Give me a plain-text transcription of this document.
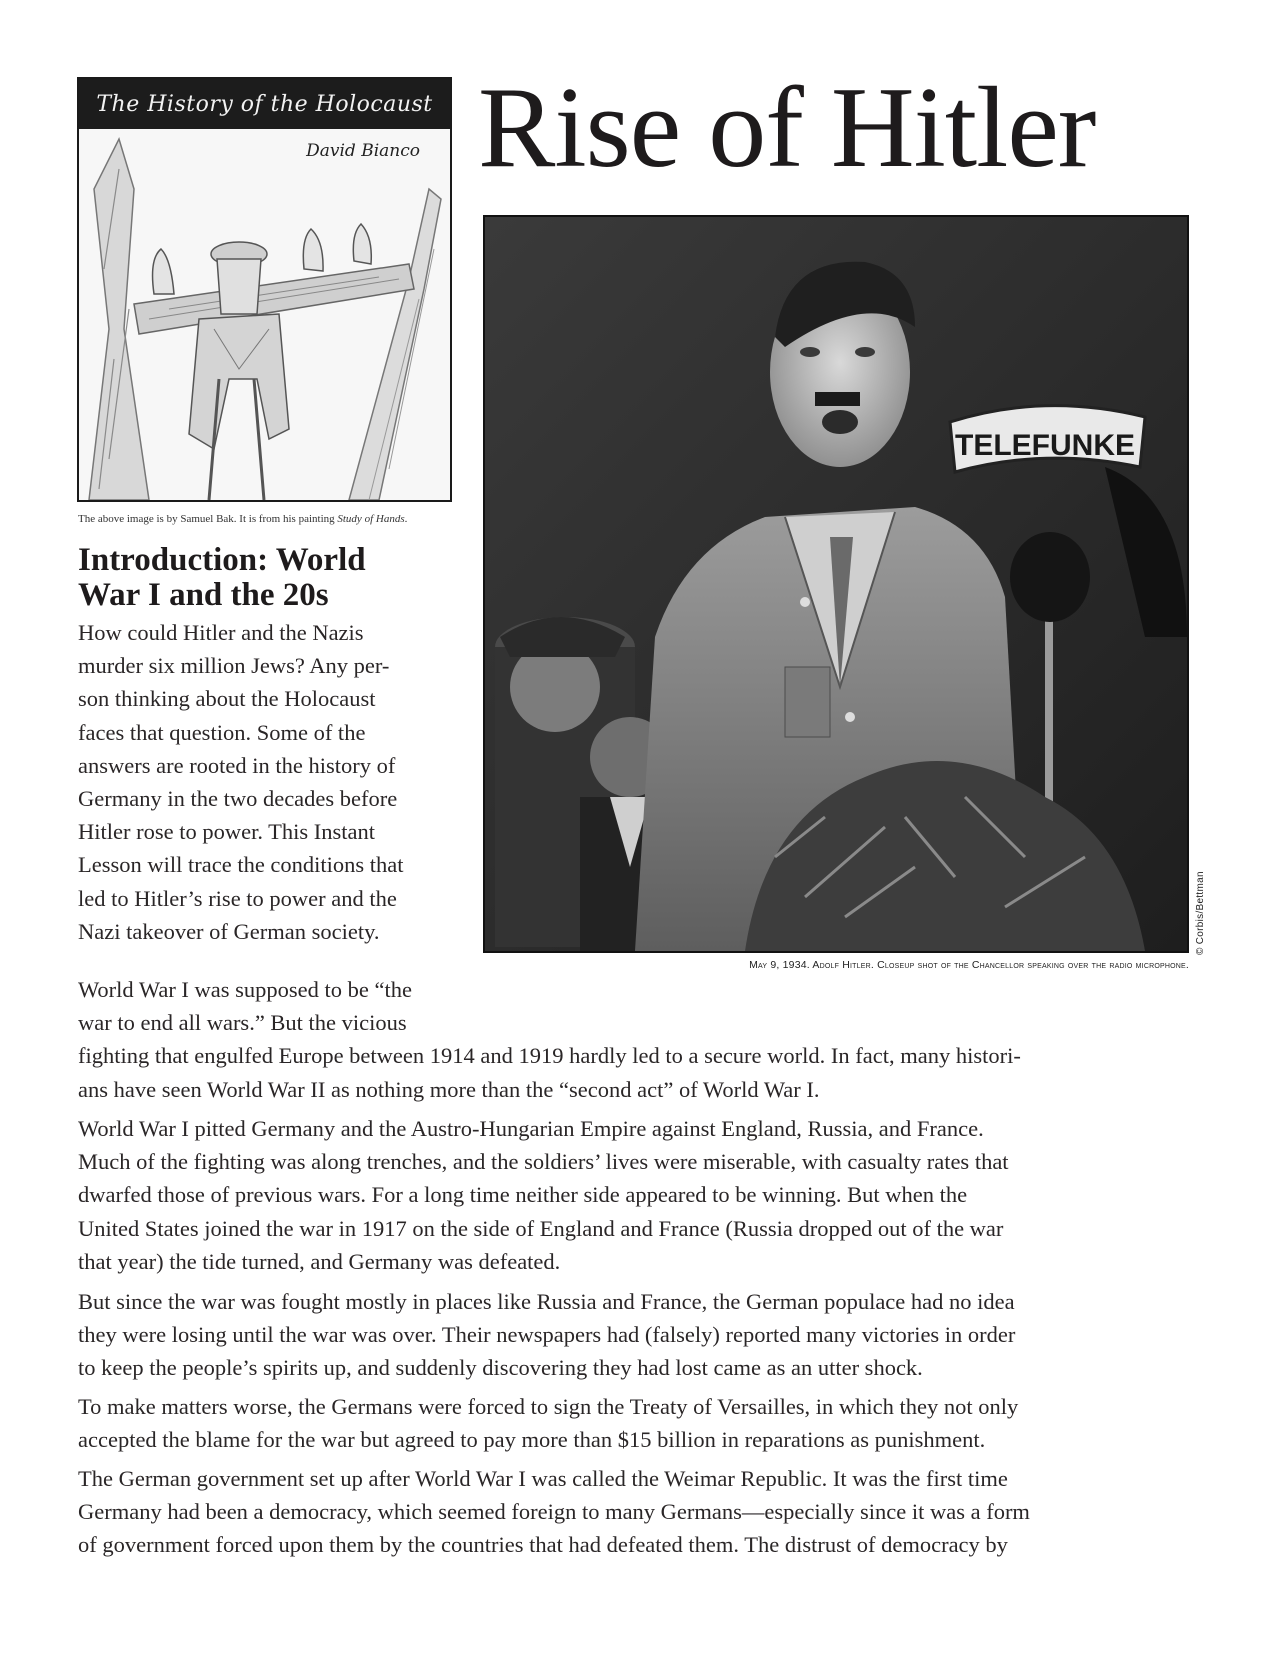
The History of the Holocaust
David Bianco
The above image is by Samuel Bak. It is from his painting Study of Hands.
Rise of Hitler
TELEFUNKE
© Corbis/Bettman
May 9, 1934. Adolf Hitler. Closeup shot of the Chancellor speaking over the radio microphone.
Introduction: World
War I and the 20s

How could Hitler and the Nazis

murder six million Jews? Any per-

son thinking about the Holocaust

faces that question. Some of the

answers are rooted in the history of

Germany in the two decades before

Hitler rose to power. This Instant

Lesson will trace the conditions that

led to Hitler’s rise to power and the

Nazi takeover of German society.

World War I was supposed to be “the

war to end all wars.” But the vicious

fighting that engulfed Europe between 1914 and 1919 hardly led to a secure world. In fact, many histori-

ans have seen World War II as nothing more than the “second act” of World War I.

World War I pitted Germany and the Austro-Hungarian Empire against England, Russia, and France.

Much of the fighting was along trenches, and the soldiers’ lives were miserable, with casualty rates that

dwarfed those of previous wars. For a long time neither side appeared to be winning. But when the

United States joined the war in 1917 on the side of England and France (Russia dropped out of the war

that year) the tide turned, and Germany was defeated.

But since the war was fought mostly in places like Russia and France, the German populace had no idea

they were losing until the war was over. Their newspapers had (falsely) reported many victories in order

to keep the people’s spirits up, and suddenly discovering they had lost came as an utter shock.

To make matters worse, the Germans were forced to sign the Treaty of Versailles, in which they not only

accepted the blame for the war but agreed to pay more than $15 billion in reparations as punishment.

The German government set up after World War I was called the Weimar Republic. It was the first time

Germany had been a democracy, which seemed foreign to many Germans—especially since it was a form

of government forced upon them by the countries that had defeated them. The distrust of democracy by
